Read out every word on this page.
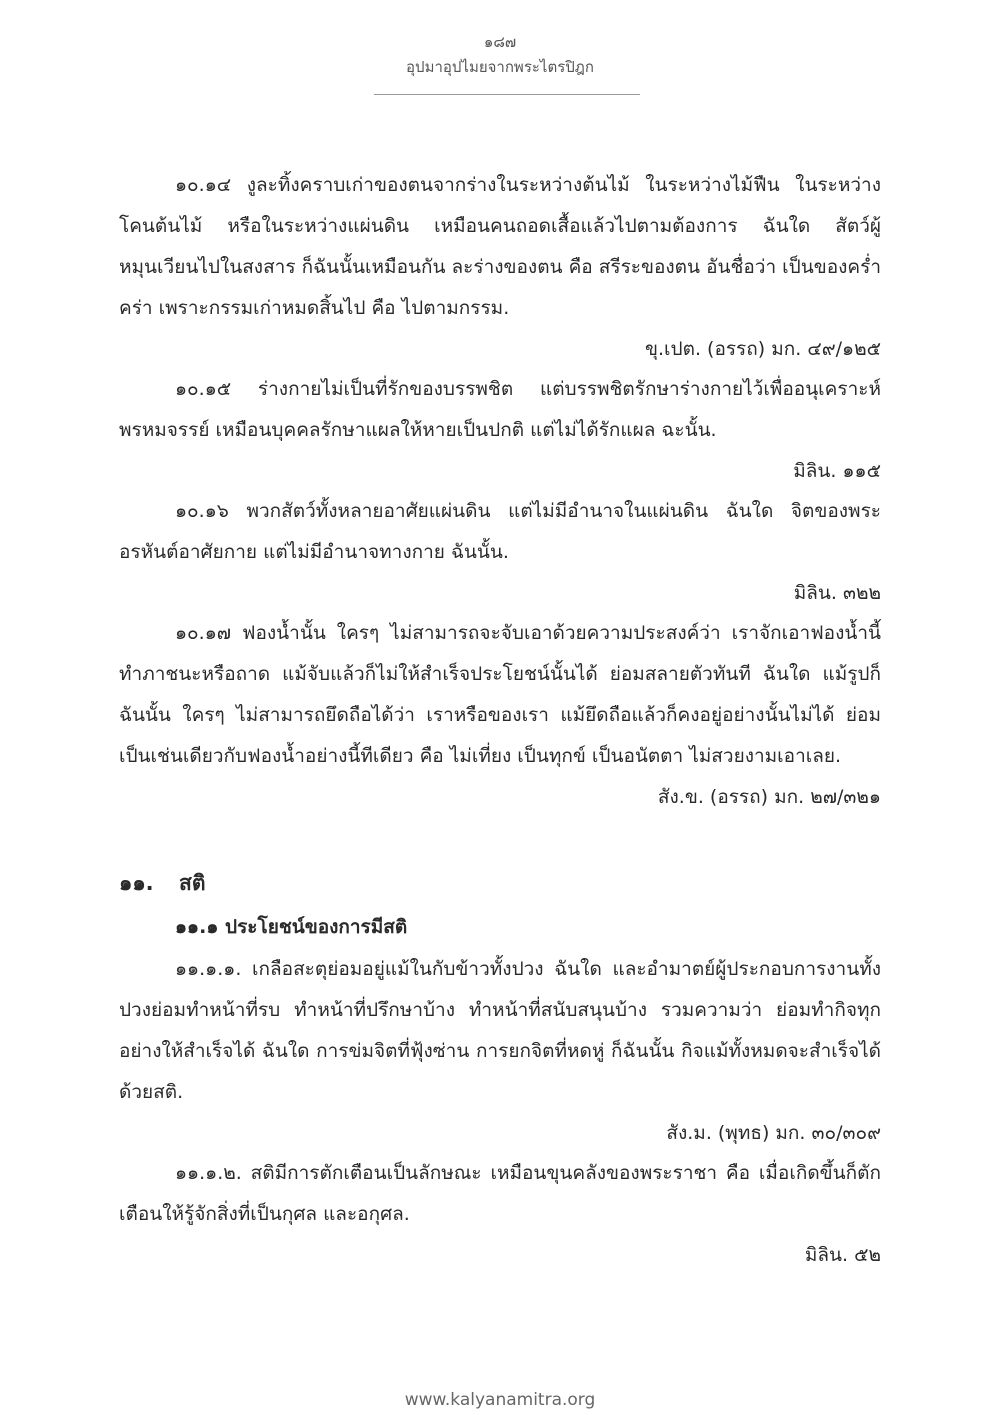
๑๘๗
อุปมาอุปไมยจากพระไตรปิฎก

๑๐.๑๔ งูละทิ้งคราบเก่าของตนจากร่างในระหว่างต้นไม้ ในระหว่างไม้ฟืน ในระหว่างโคนต้นไม้ หรือในระหว่างแผ่นดิน เหมือนคนถอดเสื้อแล้วไปตามต้องการ ฉันใด สัตว์ผู้หมุนเวียนไปในสงสาร ก็ฉันนั้นเหมือนกัน ละร่างของตน คือ สรีระของตน อันชื่อว่า เป็นของคร่ำคร่า เพราะกรรมเก่าหมดสิ้นไป คือ ไปตามกรรม.

ขุ.เปต. (อรรถ) มก. ๔๙/๑๒๕

๑๐.๑๕ ร่างกายไม่เป็นที่รักของบรรพชิต แต่บรรพชิตรักษาร่างกายไว้เพื่ออนุเคราะห์พรหมจรรย์ เหมือนบุคคลรักษาแผลให้หายเป็นปกติ แต่ไม่ได้รักแผล ฉะนั้น.

มิลิน. ๑๑๕

๑๐.๑๖ พวกสัตว์ทั้งหลายอาศัยแผ่นดิน แต่ไม่มีอำนาจในแผ่นดิน ฉันใด จิตของพระอรหันต์อาศัยกาย แต่ไม่มีอำนาจทางกาย ฉันนั้น.

มิลิน. ๓๒๒

๑๐.๑๗ ฟองน้ำนั้น ใครๆ ไม่สามารถจะจับเอาด้วยความประสงค์ว่า เราจักเอาฟองน้ำนี้ทำภาชนะหรือถาด แม้จับแล้วก็ไม่ให้สำเร็จประโยชน์นั้นได้ ย่อมสลายตัวทันที ฉันใด แม้รูปก็ฉันนั้น ใครๆ ไม่สามารถยึดถือได้ว่า เราหรือของเรา แม้ยึดถือแล้วก็คงอยู่อย่างนั้นไม่ได้ ย่อมเป็นเช่นเดียวกับฟองน้ำอย่างนี้ทีเดียว คือ ไม่เที่ยง เป็นทุกข์ เป็นอนัตตา ไม่สวยงามเอาเลย.

สัง.ข. (อรรถ) มก. ๒๗/๓๒๑

๑๑.	สติ
๑๑.๑ ประโยชน์ของการมีสติ

๑๑.๑.๑. เกลือสะตุย่อมอยู่แม้ในกับข้าวทั้งปวง ฉันใด และอำมาตย์ผู้ประกอบการงานทั้งปวงย่อมทำหน้าที่รบ ทำหน้าที่ปรึกษาบ้าง ทำหน้าที่สนับสนุนบ้าง รวมความว่า ย่อมทำกิจทุกอย่างให้สำเร็จได้ ฉันใด การข่มจิตที่ฟุ้งซ่าน การยกจิตที่หดหู่ ก็ฉันนั้น กิจแม้ทั้งหมดจะสำเร็จได้ด้วยสติ.

สัง.ม. (พุทธ) มก. ๓๐/๓๐๙

๑๑.๑.๒. สติมีการตักเตือนเป็นลักษณะ เหมือนขุนคลังของพระราชา คือ เมื่อเกิดขึ้นก็ตักเตือนให้รู้จักสิ่งที่เป็นกุศล และอกุศล.

มิลิน. ๕๒

www.kalyanamitra.org
